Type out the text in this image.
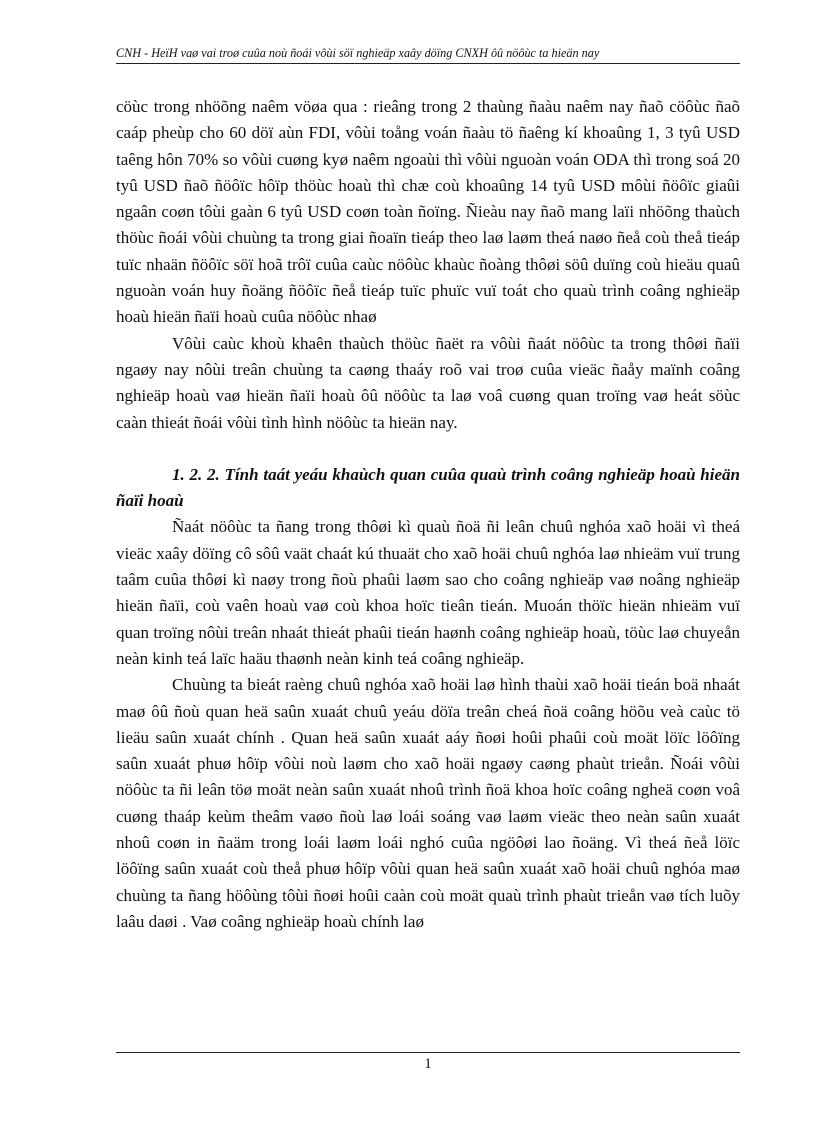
CNH - HeïH vaø vai troø cuûa noù ñoái vôùi söï nghieäp xaây döïng CNXH ôû nöôùc ta hieän nay

cöùc trong nhöõng naêm vöøa qua : rieâng trong 2 thaùng ñaàu naêm nay ñaõ cöôùc ñaõ caáp pheùp cho 60 döï aùn FDI, vôùi toång voán ñaàu tö ñaêng kí khoaûng 1, 3 tyû USD taêng hôn 70% so vôùi cuøng kyø naêm ngoaùi thì vôùi nguoàn voán ODA thì trong soá 20 tyû USD ñaõ ñöôïc hôïp thöùc hoaù thì chæ coù khoaûng 14 tyû USD môùi ñöôïc giaûi ngaân coøn tôùi gaàn 6 tyû USD coøn toàn ñoïng. Ñieàu nay ñaõ mang laïi nhöõng thaùch thöùc ñoái vôùi chuùng ta trong giai ñoaïn tieáp theo laø laøm theá naøo ñeå coù theå tieáp tuïc nhaän ñöôïc söï hoã trôï cuûa caùc nöôùc khaùc ñoàng thôøi söû duïng coù hieäu quaû nguoàn voán huy ñoäng ñöôïc ñeå tieáp tuïc phuïc vuï toát cho quaù trình coâng nghieäp hoaù hieän ñaïi hoaù cuûa nöôùc nhaø

Vôùi caùc khoù khaên thaùch thöùc ñaët ra vôùi ñaát nöôùc ta trong thôøi ñaïi ngaøy nay nôùi treân chuùng ta caøng thaáy roõ vai troø cuûa vieäc ñaåy maïnh coâng nghieäp hoaù vaø hieän ñaïi hoaù ôû nöôùc ta laø voâ cuøng quan troïng vaø heát söùc caàn thieát ñoái vôùi tình hình nöôùc ta hieän nay.

1. 2. 2. Tính taát yeáu khaùch quan cuûa quaù trình coâng nghieäp hoaù hieän ñaïi hoaù

Ñaát nöôùc ta ñang trong thôøi kì quaù ñoä ñi leân chuû nghóa xaõ hoäi vì theá vieäc xaây döïng cô sôû vaät chaát kú thuaät cho xaõ hoäi chuû nghóa laø nhieäm vuï trung taâm cuûa thôøi kì naøy trong ñoù phaûi laøm sao cho coâng nghieäp vaø noâng nghieäp hieän ñaïi, coù vaên hoaù vaø coù khoa hoïc tieân tieán. Muoán thöïc hieän nhieäm vuï quan troïng nôùi treân nhaát thieát phaûi tieán haønh coâng nghieäp hoaù, töùc laø chuyeån neàn kinh teá laïc haäu thaønh neàn kinh teá coâng nghieäp.

Chuùng ta bieát raèng chuû nghóa xaõ hoäi laø hình thaùi xaõ hoäi tieán boä nhaát maø ôû ñoù quan heä saûn xuaát chuû yeáu döïa treân cheá ñoä coâng höõu veà caùc tö lieäu saûn xuaát chính . Quan heä saûn xuaát aáy ñoøi hoûi phaûi coù moät löïc löôïng saûn xuaát phuø hôïp vôùi noù laøm cho xaõ hoäi ngaøy caøng phaùt trieån. Ñoái vôùi nöôùc ta ñi leân töø moät neàn saûn xuaát nhoû trình ñoä khoa hoïc coâng ngheä coøn voâ cuøng thaáp keùm theâm vaøo ñoù laø loái soáng vaø laøm vieäc theo neàn saûn xuaát nhoû coøn in ñaäm trong loái laøm loái nghó cuûa ngöôøi lao ñoäng. Vì theá ñeå löïc löôïng saûn xuaát coù theå phuø hôïp vôùi quan heä saûn xuaát xaõ hoäi chuû nghóa maø chuùng ta ñang höôùng tôùi ñoøi hoûi caàn coù moät quaù trình phaùt trieån vaø tích luõy laâu daøi . Vaø coâng nghieäp hoaù chính laø

1
